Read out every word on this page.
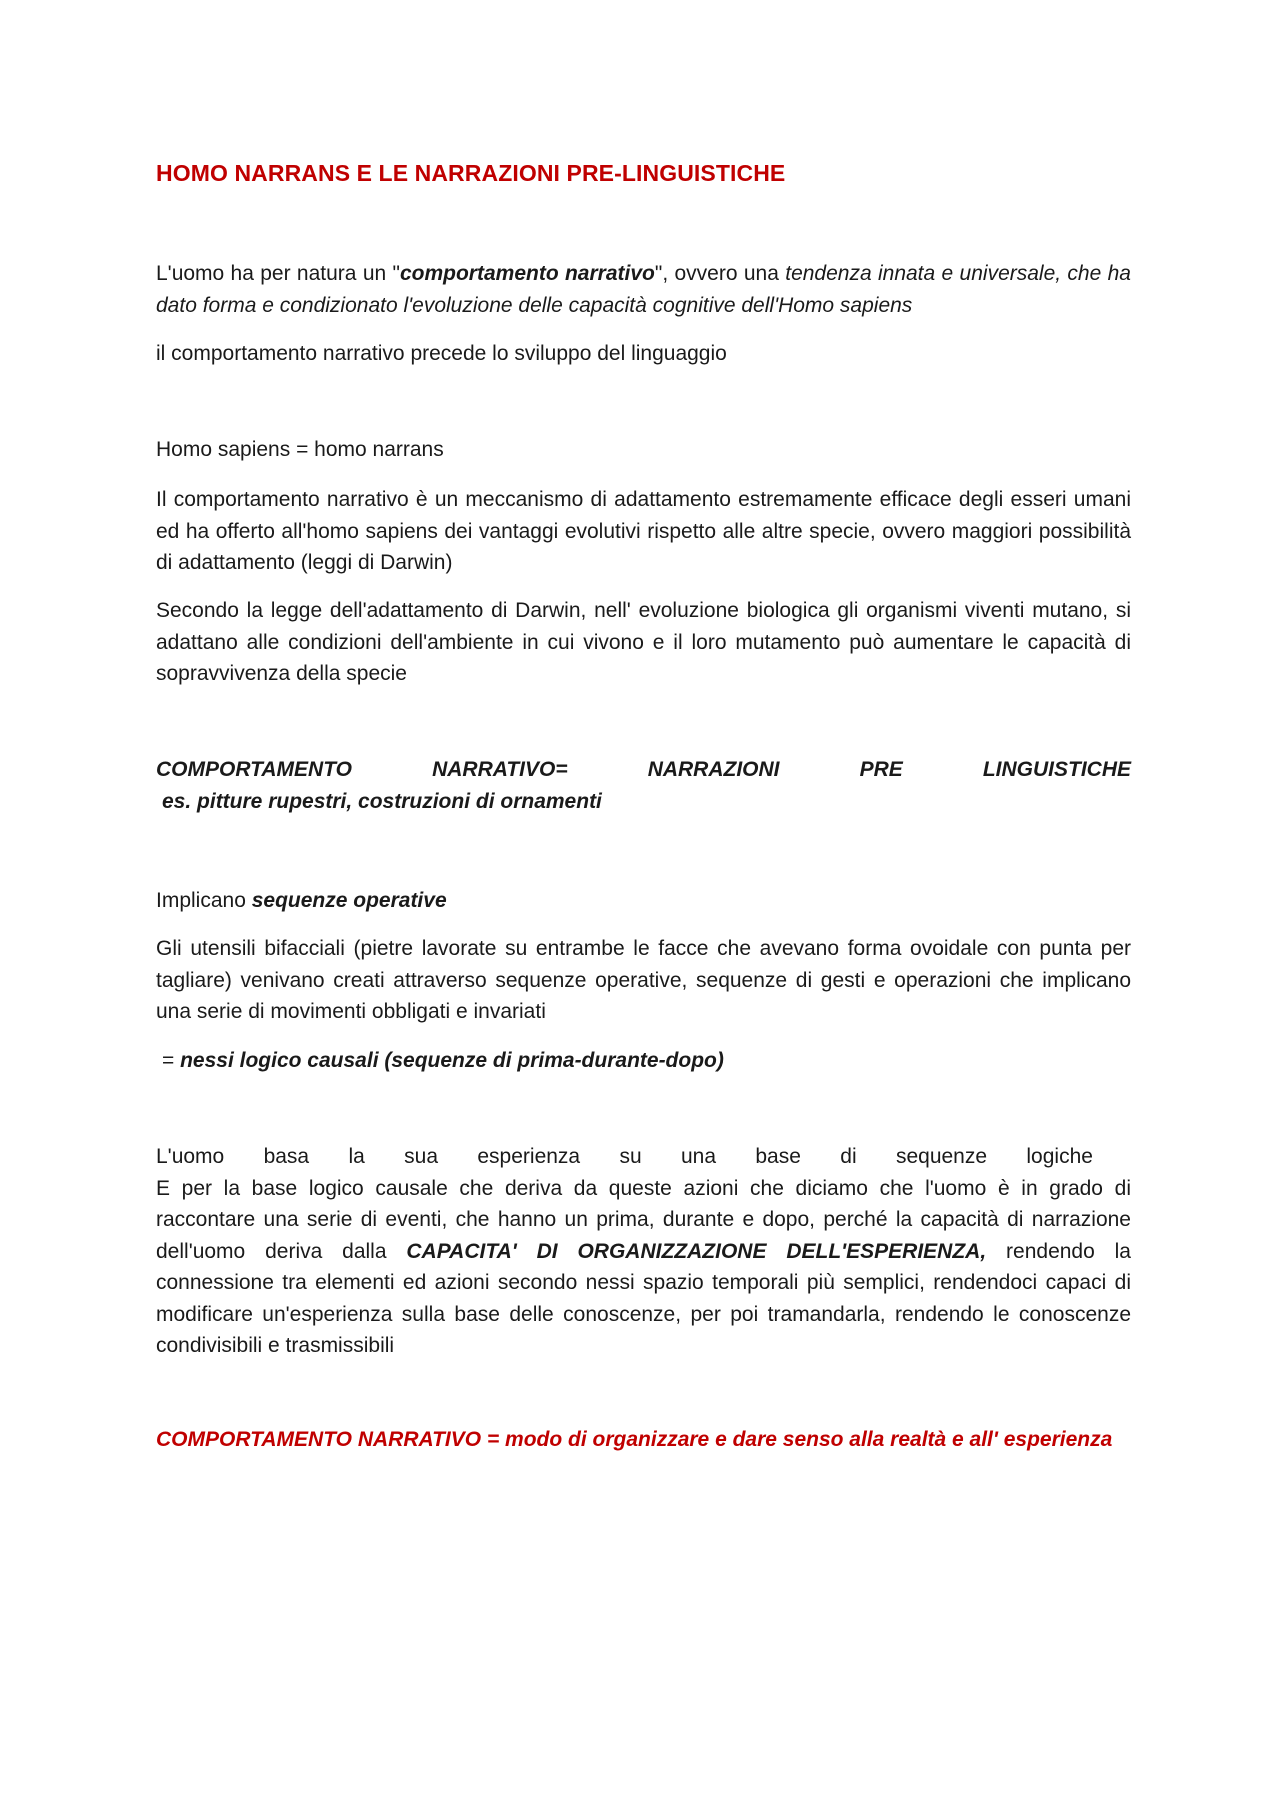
HOMO NARRANS E LE NARRAZIONI PRE-LINGUISTICHE
L'uomo ha per natura un "comportamento narrativo", ovvero una tendenza innata e universale, che ha dato forma e condizionato l'evoluzione delle capacità cognitive dell'Homo sapiens
il comportamento narrativo precede lo sviluppo del linguaggio
Homo sapiens = homo narrans
Il comportamento narrativo è un meccanismo di adattamento estremamente efficace degli esseri umani ed ha offerto all'homo sapiens dei vantaggi evolutivi rispetto alle altre specie, ovvero maggiori possibilità di adattamento (leggi di Darwin)
Secondo la legge dell'adattamento di Darwin, nell' evoluzione biologica gli organismi viventi mutano, si adattano alle condizioni dell'ambiente in cui vivono e il loro mutamento può aumentare le capacità di sopravvivenza della specie
COMPORTAMENTO	NARRATIVO=	NARRAZIONI	PRE	LINGUISTICHE
es. pitture rupestri, costruzioni di ornamenti
Implicano sequenze operative
Gli utensili bifacciali (pietre lavorate su entrambe le facce che avevano forma ovoidale con punta per tagliare) venivano creati attraverso sequenze operative, sequenze di gesti e operazioni che implicano una serie di movimenti obbligati e invariati
= nessi logico causali (sequenze di prima-durante-dopo)
L'uomo basa la sua esperienza su una base di sequenze logiche
E per la base logico causale che deriva da queste azioni che diciamo che l'uomo è in grado di raccontare una serie di eventi, che hanno un prima, durante e dopo, perché la capacità di narrazione dell'uomo deriva dalla CAPACITA' DI ORGANIZZAZIONE DELL'ESPERIENZA, rendendo la connessione tra elementi ed azioni secondo nessi spazio temporali più semplici, rendendoci capaci di modificare un'esperienza sulla base delle conoscenze, per poi tramandarla, rendendo le conoscenze condivisibili e trasmissibili
COMPORTAMENTO NARRATIVO = modo di organizzare e dare senso alla realtà e all' esperienza
